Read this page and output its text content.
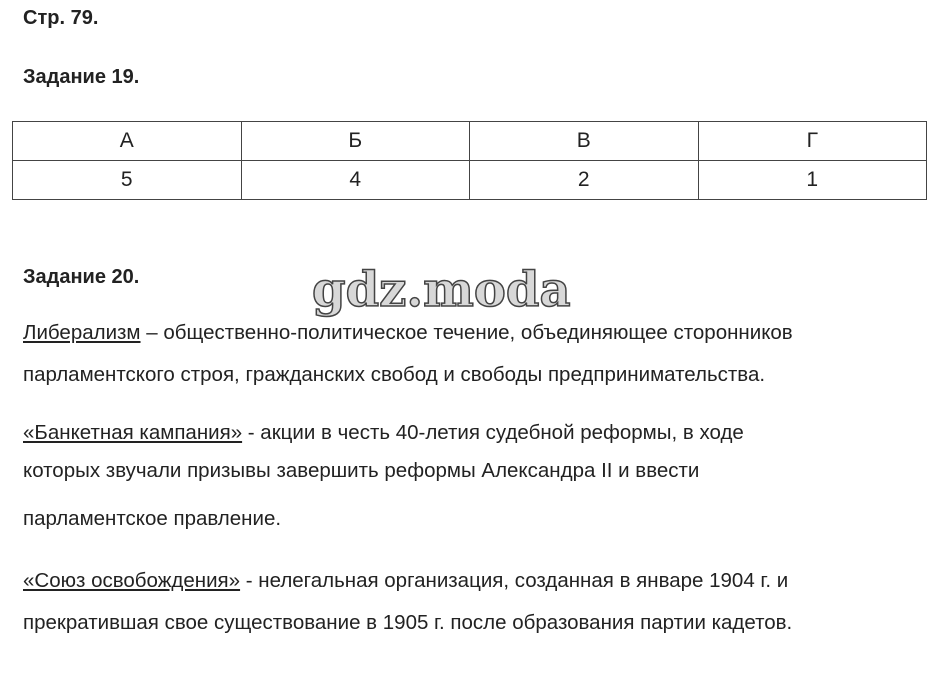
Стр. 79.
Задание 19.
А	Б	В	Г
5	4	2	1
Задание 20.	gdz.moda
Либерализм – общественно-политическое течение, объединяющее сторонников
парламентского строя, гражданских свобод и свободы предпринимательства.
«Банкетная кампания» - акции в честь 40-летия судебной реформы, в ходе
которых звучали призывы завершить реформы Александра II и ввести
парламентское правление.
«Союз освобождения» - нелегальная организация, созданная в январе 1904 г. и
прекратившая свое существование в 1905 г. после образования партии кадетов.
